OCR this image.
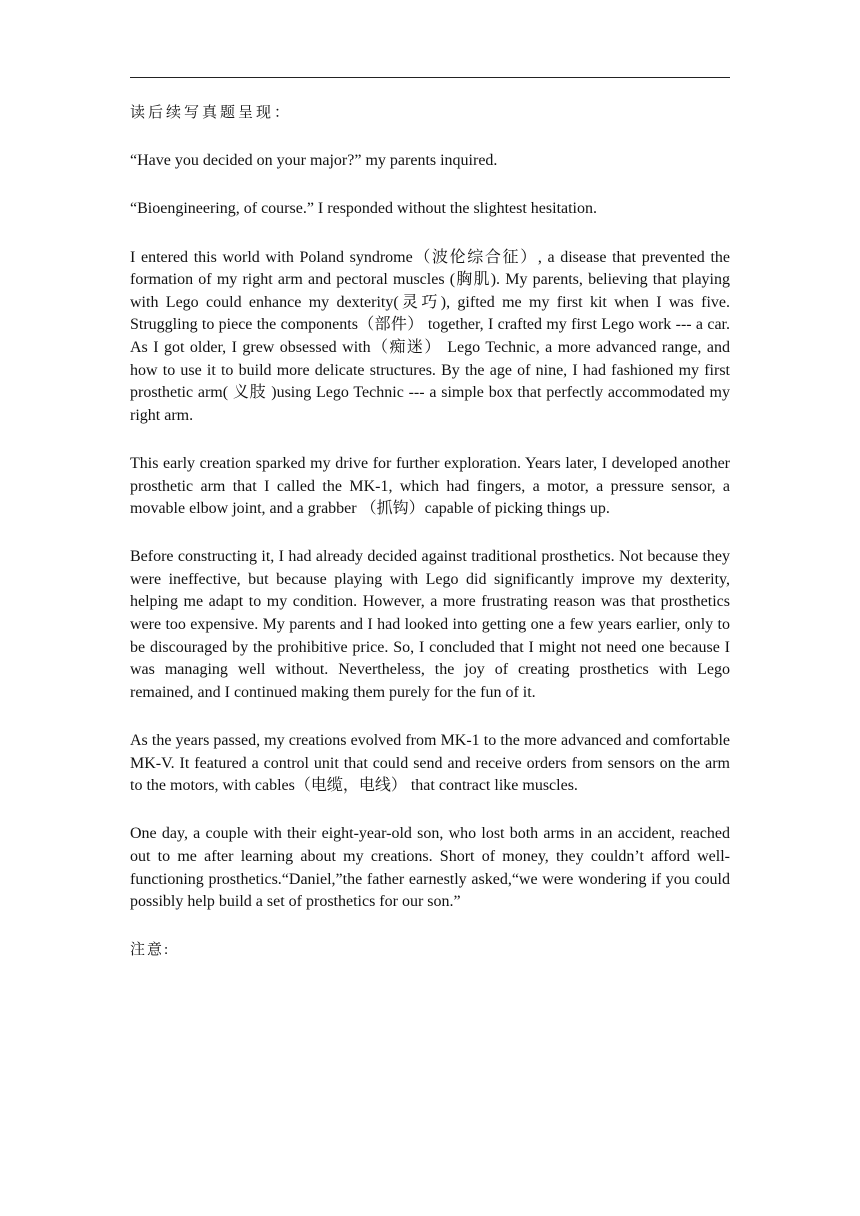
读后续写真题呈现：

“Have you decided on your major?” my parents inquired.

“Bioengineering, of course.” I responded without the slightest hesitation.

I entered this world with Poland syndrome（波伦综合征）, a disease that prevented the formation of my right arm and pectoral muscles (胸肌). My parents, believing that playing with Lego could enhance my dexterity(灵巧), gifted me my first kit when I was five. Struggling to piece the components（部件） together, I crafted my first Lego work --- a car. As I got older, I grew obsessed with（痴迷） Lego Technic, a more advanced range, and how to use it to build more delicate structures. By the age of nine, I had fashioned my first prosthetic arm( 义肢 )using Lego Technic --- a simple box that perfectly accommodated my right arm.

This early creation sparked my drive for further exploration. Years later, I developed another prosthetic arm that I called the MK-1, which had fingers, a motor, a pressure sensor, a movable elbow joint, and a grabber （抓钩）capable of picking things up.

Before constructing it, I had already decided against traditional prosthetics. Not because they were ineffective, but because playing with Lego did significantly improve my dexterity, helping me adapt to my condition. However, a more frustrating reason was that prosthetics were too expensive. My parents and I had looked into getting one a few years earlier, only to be discouraged by the prohibitive price. So, I concluded that I might not need one because I was managing well without. Nevertheless, the joy of creating prosthetics with Lego remained, and I continued making them purely for the fun of it.

As the years passed, my creations evolved from MK-1 to the more advanced and comfortable MK-V. It featured a control unit that could send and receive orders from sensors on the arm to the motors, with cables（电缆，电线） that contract like muscles.

One day, a couple with their eight-year-old son, who lost both arms in an accident, reached out to me after learning about my creations. Short of money, they couldn’t afford well-functioning prosthetics.“Daniel,”the father earnestly asked,“we were wondering if you could possibly help build a set of prosthetics for our son.”

注意:
